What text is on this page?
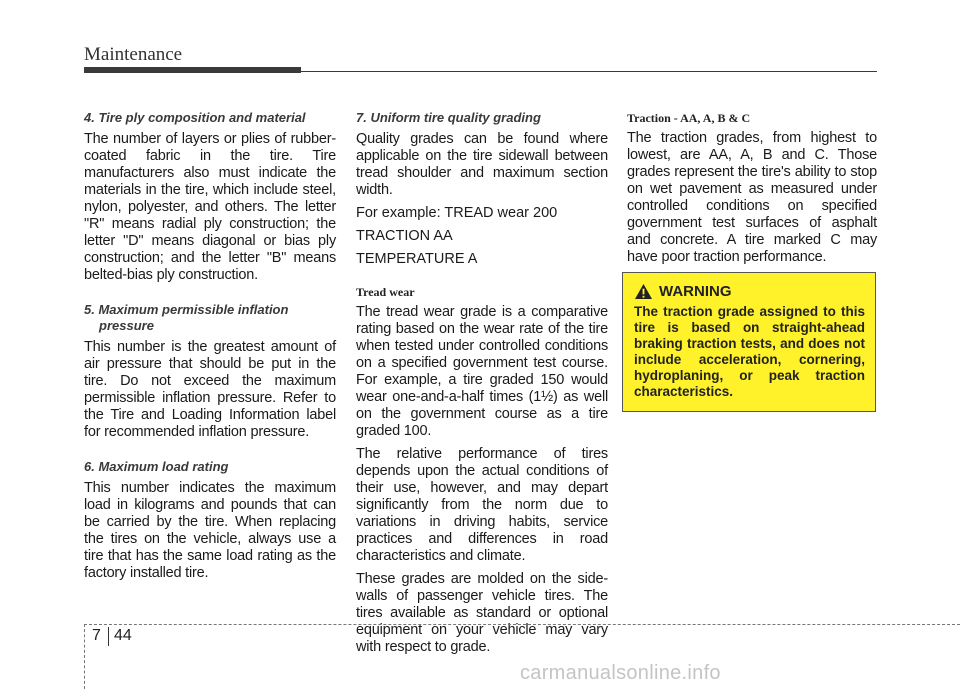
Maintenance
4. Tire ply composition and material

The number of layers or plies of rubber-coated fabric in the tire. Tire manufacturers also must indicate the materials in the tire, which include steel, nylon, polyester, and others. The letter "R" means radial ply construction; the letter "D" means diagonal or bias ply construction; and the letter "B" means belted-bias ply construction.

5. Maximum permissible inflation
pressure

This number is the greatest amount of air pressure that should be put in the tire. Do not exceed the maximum permissible inflation pressure. Refer to the Tire and Loading Information label for recommended inflation pressure.

6. Maximum load rating

This number indicates the maximum load in kilograms and pounds that can be carried by the tire. When replacing the tires on the vehicle, always use a tire that has the same load rating as the factory installed tire.

7. Uniform tire quality grading

Quality grades can be found where applicable on the tire sidewall between tread shoulder and maximum section width.

For example: TREAD wear 200

TRACTION AA

TEMPERATURE A

Tread wear

The tread wear grade is a comparative rating based on the wear rate of the tire when tested under controlled conditions on a specified government test course. For example, a tire graded 150 would wear one-and-a-half times (1½) as well on the government course as a tire graded 100.

The relative performance of tires depends upon the actual conditions of their use, however, and may depart significantly from the norm due to variations in driving habits, service practices and differences in road characteristics and climate.

These grades are molded on the side-walls of passenger vehicle tires. The tires available as standard or optional equipment on your vehicle may vary with respect to grade.

Traction - AA, A, B & C

The traction grades, from highest to lowest, are AA, A, B and C. Those grades represent the tire's ability to stop on wet pavement as measured under controlled conditions on specified government test surfaces of asphalt and concrete. A tire marked C may have poor traction performance.

WARNING
The traction grade assigned to this tire is based on straight-ahead braking traction tests, and does not include acceleration, cornering, hydroplaning, or peak traction characteristics.
7 44
carmanualsonline.info
